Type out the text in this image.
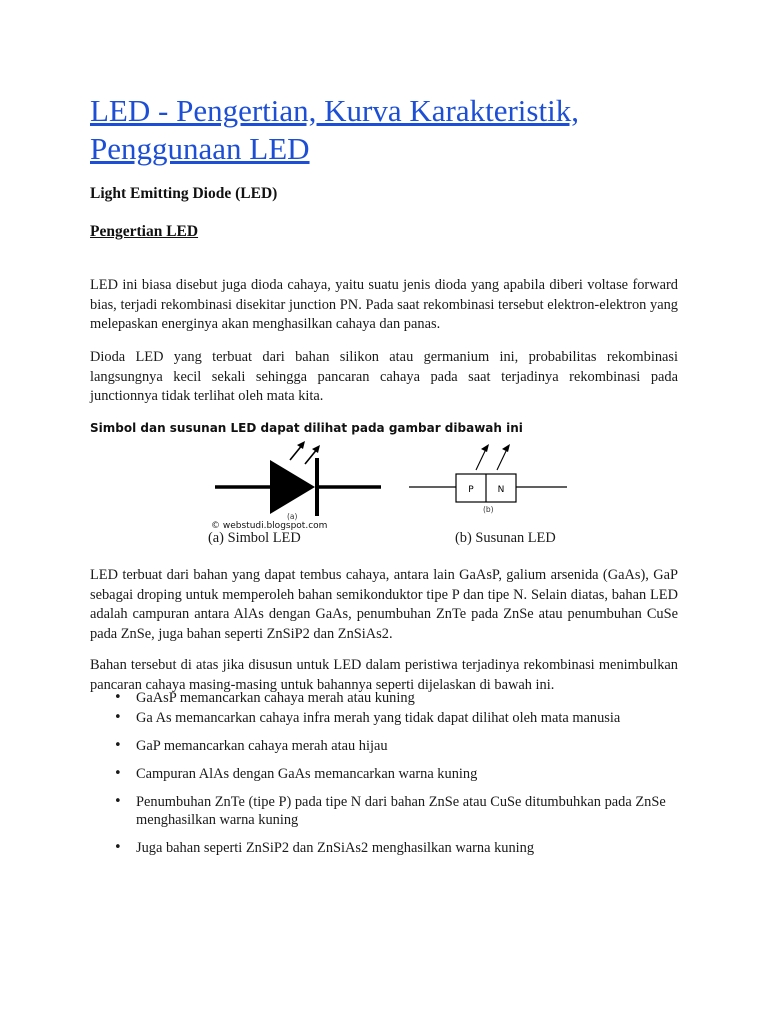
LED - Pengertian, Kurva Karakteristik, Penggunaan LED
Light Emitting Diode (LED)
Pengertian LED

LED ini biasa disebut juga dioda cahaya, yaitu suatu jenis dioda yang apabila diberi voltase forward bias, terjadi rekombinasi disekitar junction PN. Pada saat rekombinasi tersebut elektron-elektron yang melepaskan energinya akan menghasilkan cahaya dan panas.

Dioda LED yang terbuat dari bahan silikon atau germanium ini, probabilitas rekombinasi langsungnya kecil sekali sehingga pancaran cahaya pada saat terjadinya rekombinasi pada junctionnya tidak terlihat oleh mata kita.

Simbol dan susunan LED dapat dilihat pada gambar dibawah ini

(a)
© webstudi.blogspot.com
P	N
(b)

(a) Simbol LED	(b) Susunan LED

LED terbuat dari bahan yang dapat tembus cahaya, antara lain GaAsP, galium arsenida (GaAs), GaP sebagai droping untuk memperoleh bahan semikonduktor tipe P dan tipe N. Selain diatas, bahan LED adalah campuran antara AlAs dengan GaAs, penumbuhan ZnTe pada ZnSe atau penumbuhan CuSe pada ZnSe, juga bahan seperti ZnSiP2 dan ZnSiAs2.

Bahan tersebut di atas jika disusun untuk LED dalam peristiwa terjadinya rekombinasi menimbulkan pancaran cahaya masing-masing untuk bahannya seperti dijelaskan di bawah ini.

• GaAsP memancarkan cahaya merah atau kuning
• Ga As memancarkan cahaya infra merah yang tidak dapat dilihat oleh mata manusia
• GaP memancarkan cahaya merah atau hijau
• Campuran AlAs dengan GaAs memancarkan warna kuning
• Penumbuhan ZnTe (tipe P) pada tipe N dari bahan ZnSe atau CuSe ditumbuhkan pada ZnSe menghasilkan warna kuning
• Juga bahan seperti ZnSiP2 dan ZnSiAs2 menghasilkan warna kuning
